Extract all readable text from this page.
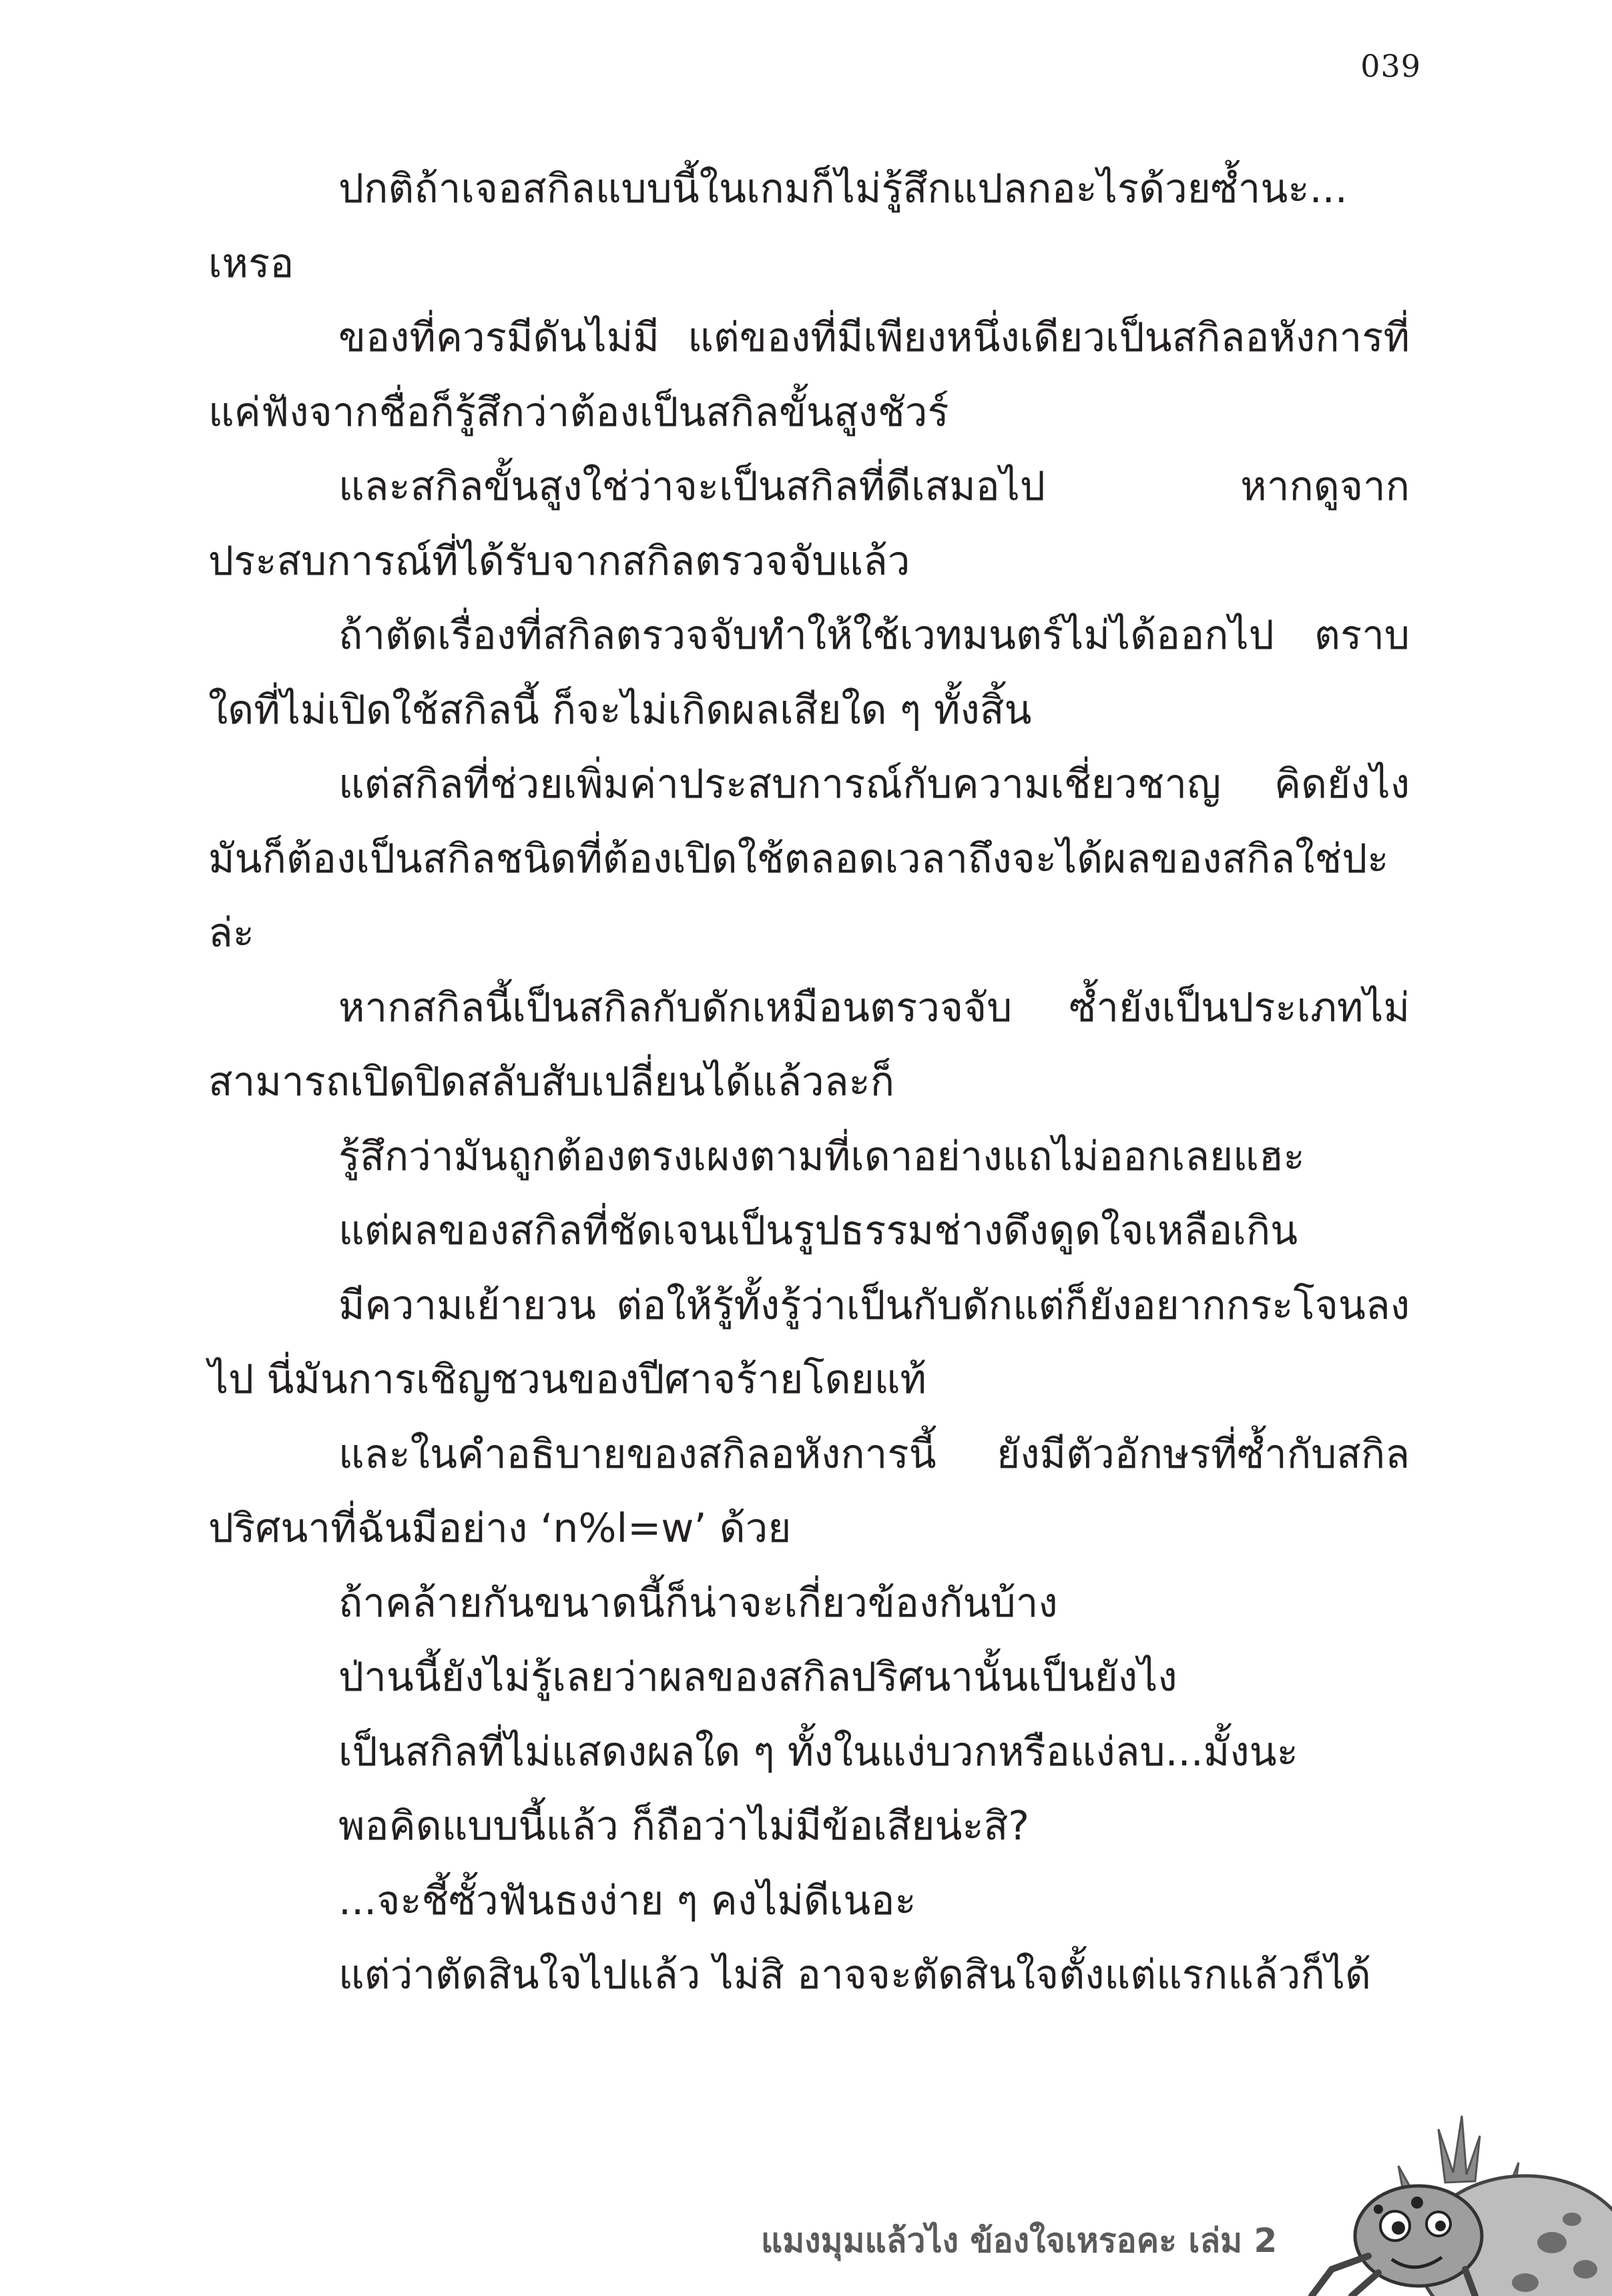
039

ปกติถ้าเจอสกิลแบบนี้ในเกมก็ไม่รู้สึกแปลกอะไรด้วยซ้ำนะ... เหรอ

ของที่ควรมีดันไม่มี แต่ของที่มีเพียงหนึ่งเดียวเป็นสกิลอหังการที่แค่ฟังจากชื่อก็รู้สึกว่าต้องเป็นสกิลขั้นสูงชัวร์

และสกิลขั้นสูงใช่ว่าจะเป็นสกิลที่ดีเสมอไป หากดูจากประสบการณ์ที่ได้รับจากสกิลตรวจจับแล้ว

ถ้าตัดเรื่องที่สกิลตรวจจับทำให้ใช้เวทมนตร์ไม่ได้ออกไป ตราบใดที่ไม่เปิดใช้สกิลนี้ ก็จะไม่เกิดผลเสียใด ๆ ทั้งสิ้น

แต่สกิลที่ช่วยเพิ่มค่าประสบการณ์กับความเชี่ยวชาญ คิดยังไงมันก็ต้องเป็นสกิลชนิดที่ต้องเปิดใช้ตลอดเวลาถึงจะได้ผลของสกิลใช่ปะล่ะ

หากสกิลนี้เป็นสกิลกับดักเหมือนตรวจจับ ซ้ำยังเป็นประเภทไม่สามารถเปิดปิดสลับสับเปลี่ยนได้แล้วละก็

รู้สึกว่ามันถูกต้องตรงเผงตามที่เดาอย่างแถไม่ออกเลยแฮะ

แต่ผลของสกิลที่ชัดเจนเป็นรูปธรรมช่างดึงดูดใจเหลือเกิน

มีความเย้ายวน ต่อให้รู้ทั้งรู้ว่าเป็นกับดักแต่ก็ยังอยากกระโจนลงไป นี่มันการเชิญชวนของปีศาจร้ายโดยแท้

และในคำอธิบายของสกิลอหังการนี้ ยังมีตัวอักษรที่ซ้ำกับสกิลปริศนาที่ฉันมีอย่าง ‘n%l=w’ ด้วย

ถ้าคล้ายกันขนาดนี้ก็น่าจะเกี่ยวข้องกันบ้าง

ป่านนี้ยังไม่รู้เลยว่าผลของสกิลปริศนานั้นเป็นยังไง

เป็นสกิลที่ไม่แสดงผลใด ๆ ทั้งในแง่บวกหรือแง่ลบ...มั้งนะ

พอคิดแบบนี้แล้ว ก็ถือว่าไม่มีข้อเสียน่ะสิ?

...จะชี้ซั้วฟันธงง่าย ๆ คงไม่ดีเนอะ

แต่ว่าตัดสินใจไปแล้ว ไม่สิ อาจจะตัดสินใจตั้งแต่แรกแล้วก็ได้

แมงมุมแล้วไง ข้องใจเหรอคะ เล่ม 2
